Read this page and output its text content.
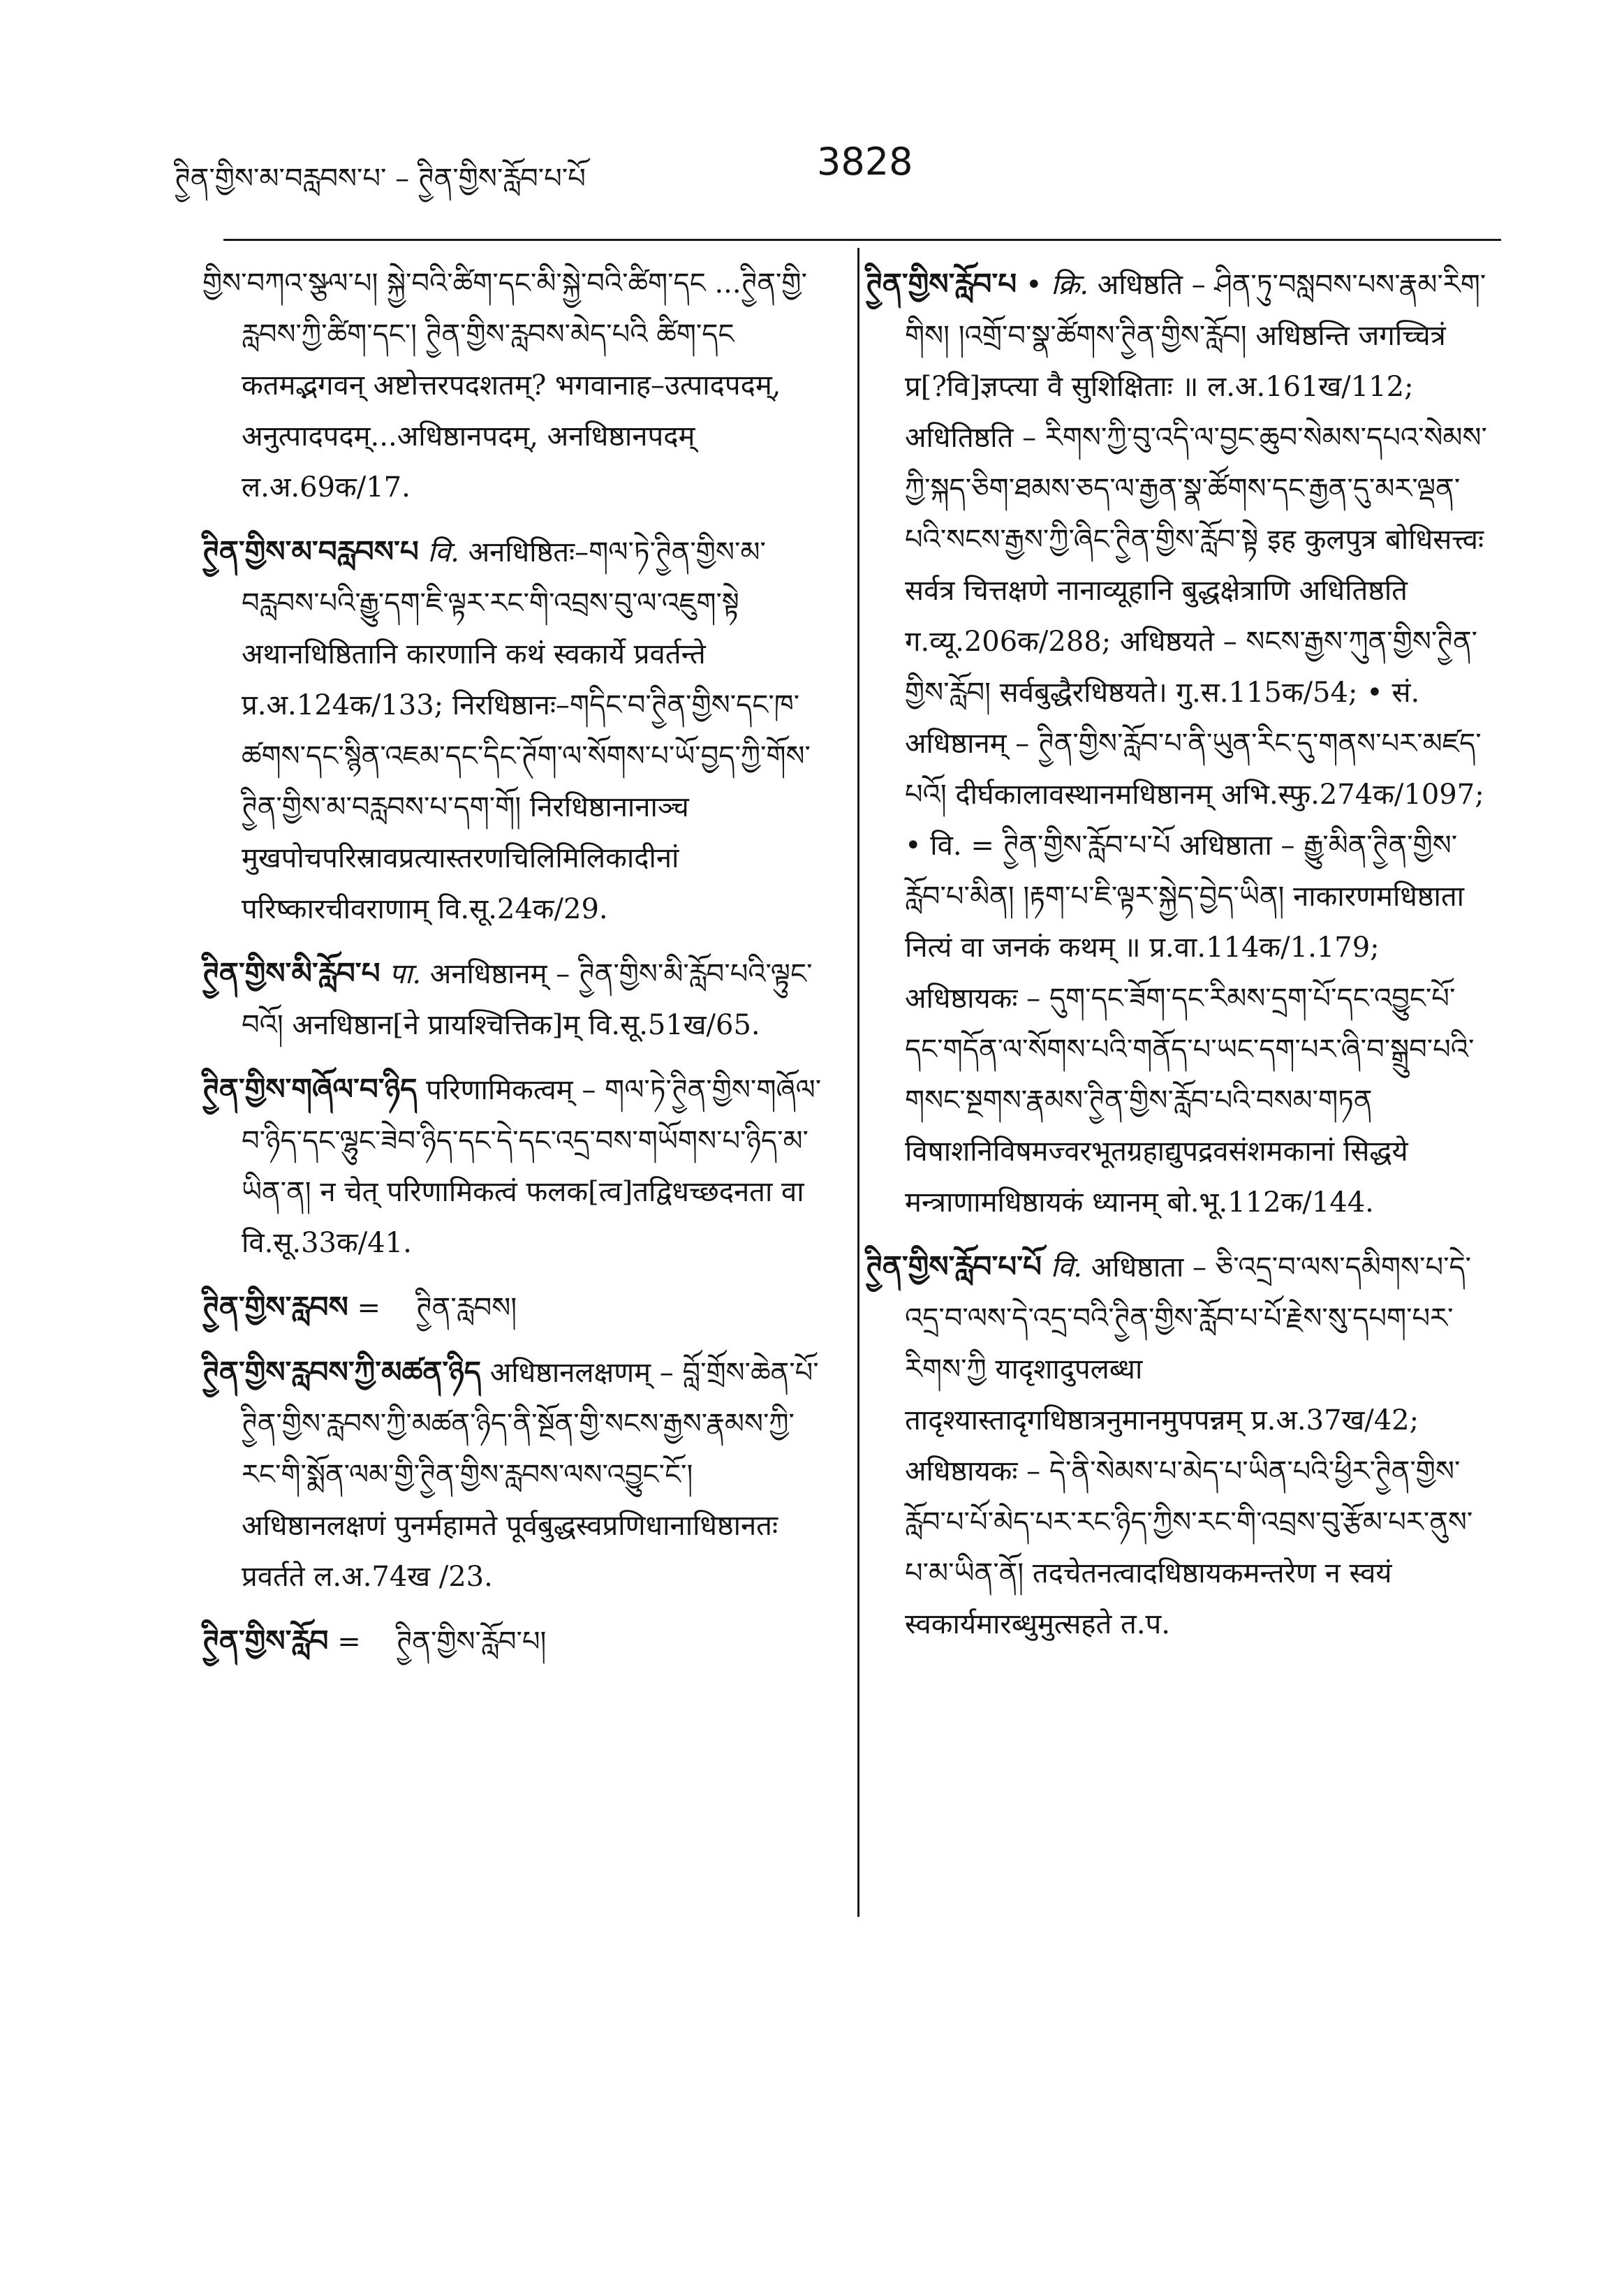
ཊྱིན་གྱིས་མ་བརླབས་པ་ – ཊྱིན་གྱིས་རློབ་པ་པོ	3828
གྱིས་བཀའ་སྩལ་པ། སྐྱེ་བའི་ཚིག་དང་མི་སྐྱེ་བའི་ཚིག་དང ...ཊྱིན་གྱི་རླབས་ཀྱི་ཚིག་དང་། ཊྱིན་གྱིས་རླབས་མེད་པའི ཚིག་དང कतमद्भगवन् अष्टोत्तरपदशतम्? भगवानाह–उत्पादपदम्, अनुत्पादपदम्...अधिष्ठानपदम्, अनधिष्ठानपदम् ल.अ.69क/17.
ཊྱིན་གྱིས་མ་བརླབས་པ वि. अनधिष्ठितः–གལ་ཏེ་ཊྱིན་གྱིས་མ་བརླབས་པའི་རྒྱུ་དག་ཇི་ལྟར་རང་གི་འབྲས་བུ་ལ་འཇུག་སྟེ अथानधिष्ठितानि कारणानि कथं स्वकार्ये प्रवर्तन्ते प्र.अ.124क/133; निरधिष्ठानः–གདིང་བ་ཊྱིན་གྱིས་དང་ཁ་ཚགས་དང་སྙིན་འཇམ་དང་དིང་ཊོག་ལ་སོགས་པ་ཡོ་བྱད་ཀྱི་གོས་ཊྱིན་གྱིས་མ་བརླབས་པ་དག་གོ། निरधिष्ठानानाञ्च मुखपोचपरिस्रावप्रत्यास्तरणचिलिमिलिकादीनां परिष्कारचीवराणाम् वि.सू.24क/29.
ཊྱིན་གྱིས་མི་རློབ་པ पा. अनधिष्ठानम् – ཊྱིན་གྱིས་མི་རློབ་པའི་ལྟུང་བའོ། अनधिष्ठान[ने प्रायश्चित्तिक]म् वि.सू.51ख/65.
ཊྱིན་གྱིས་གཞོལ་བ་ཉིད परिणामिकत्वम् – གལ་ཏེ་ཊྱིན་གྱིས་གཞོལ་བ་ཉིད་དང་ལྷུང་ཟེབ་ཉིད་དང་དེ་དང་འདྲ་བས་གཡོགས་པ་ཉིད་མ་ཡིན་ན། न चेत् परिणामिकत्वं फलक[त्व]तद्विधच्छदनता वा वि.सू.33क/41.
ཊྱིན་གྱིས་རླབས =    ཊྱིན་རླབས།
ཊྱིན་གྱིས་རླབས་ཀྱི་མཚན་ཉིད अधिष्ठानलक्षणम् – བློ་གྲོས་ཆེན་པོ་ཊྱིན་གྱིས་རླབས་ཀྱི་མཚན་ཉིད་ནི་སྔོན་གྱི་སངས་རྒྱས་རྣམས་ཀྱི་རང་གི་སྨོན་ལམ་གྱི་ཊྱིན་གྱིས་རླབས་ལས་འབྱུང་ངོ་། अधिष्ठानलक्षणं पुनर्महामते पूर्वबुद्धस्वप्रणिधानाधिष्ठानतः प्रवर्तते ल.अ.74ख /23.
ཊྱིན་གྱིས་རློབ =    ཊྱིན་གྱིས་རློབ་པ།
ཊྱིན་གྱིས་རློབ་པ • क्रि. अधिष्ठति – ཤིན་ཏུ་བསླབས་པས་རྣམ་རིག་གིས། །འགྲོ་བ་སྣ་ཚོགས་ཊྱིན་གྱིས་རློབ། अधिष्ठन्ति जगच्चित्रं प्र[?वि]ज्ञप्त्या वै सुशिक्षिताः ॥ ल.अ.161ख/112; अधितिष्ठति – རིགས་ཀྱི་བུ་འདི་ལ་བྱང་ཆུབ་སེམས་དཔའ་སེམས་ཀྱི་སྐད་ཅིག་ཐམས་ཅད་ལ་རྒྱན་སྣ་ཚོགས་དང་རྒྱན་དུ་མར་ལྡན་པའི་སངས་རྒྱས་ཀྱི་ཞིང་ཊྱིན་གྱིས་རློབ་སྟེ इह कुलपुत्र बोधिसत्त्वः सर्वत्र चित्तक्षणे नानाव्यूहानि बुद्धक्षेत्राणि अधितिष्ठति ग.व्यू.206क/288; अधिष्ठयते – སངས་རྒྱས་ཀུན་གྱིས་ཊྱིན་གྱིས་རློབ། सर्वबुद्धैरधिष्ठयते। गु.स.115क/54; • सं. अधिष्ठानम् – ཊྱིན་གྱིས་རློབ་པ་ནི་ཡུན་རིང་དུ་གནས་པར་མཛད་པའོ། दीर्घकालावस्थानमधिष्ठानम् अभि.स्फु.274क/1097; • वि. = ཊྱིན་གྱིས་རློབ་པ་པོ अधिष्ठाता – རྒྱུ་མིན་ཊྱིན་གྱིས་རློབ་པ་མིན། །རྟག་པ་ཇི་ལྟར་སྐྱེད་བྱེད་ཡིན། नाकारणमधिष्ठाता नित्यं वा जनकं कथम् ॥ प्र.वा.114क/1.179; अधिष्ठायकः – དུག་དང་ཟོག་དང་རིམས་དྲག་པོ་དང་འབྱུང་པོ་དང་གདོན་ལ་སོགས་པའི་གནོད་པ་ཡང་དག་པར་ཞི་བ་སྒྲུབ་པའི་གསང་སྔགས་རྣམས་ཊྱིན་གྱིས་རློབ་པའི་བསམ་གཏན विषाशनिविषमज्वरभूतग्रहाद्युपद्रवसंशमकानां सिद्धये मन्त्राणामधिष्ठायकं ध्यानम् बो.भू.112क/144.
ཊྱིན་གྱིས་རློབ་པ་པོ वि. अधिष्ठाता – ཅི་འདྲ་བ་ལས་དམིགས་པ་དེ་འདྲ་བ་ལས་དེ་འདྲ་བའི་ཊྱིན་གྱིས་རློབ་པ་པོ་རྗེས་སུ་དཔག་པར་རིགས་ཀྱི यादृशादुपलब्धा तादृश्यास्तादृगधिष्ठात्रनुमानमुपपन्नम् प्र.अ.37ख/42; अधिष्ठायकः – དེ་ནི་སེམས་པ་མེད་པ་ཡིན་པའི་ཕྱིར་ཊྱིན་གྱིས་རློབ་པ་པོ་མེད་པར་རང་ཉིད་ཀྱིས་རང་གི་འབྲས་བུ་རྩོམ་པར་ནུས་པ་མ་ཡིན་ནོ། तदचेतनत्वादधिष्ठायकमन्तरेण न स्वयं स्वकार्यमारब्धुमुत्सहते त.प.
